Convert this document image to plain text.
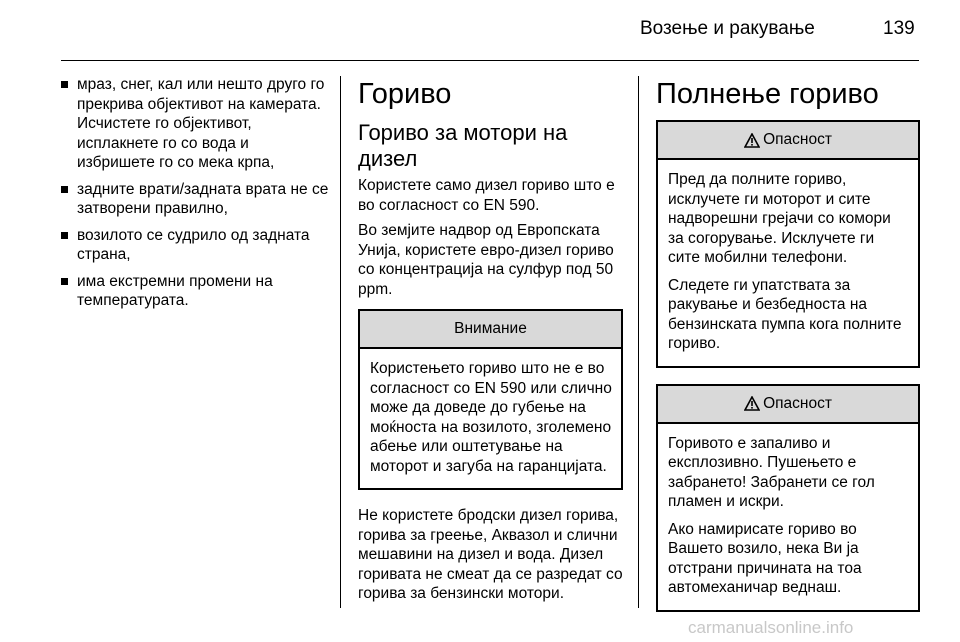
Возење и ракување	139
мраз, снег, кал или нешто друго го прекрива објективот на камерата. Исчистете го објективот, исплакнете го со вода и избришете го со мека крпа,
задните врати/задната врата не се затворени правилно,
возилото се судрило од задната страна,
има екстремни промени на температурата.
Гориво
Гориво за мотори на дизел

Користете само дизел гориво што е во согласност со EN 590.

Во земјите надвор од Европската Унија, користете евро-дизел гориво со концентрација на сулфур под 50 ppm.

Внимание

Користењето гориво што не е во согласност со EN 590 или слично може да доведе до губење на моќноста на возилото, зголемено абење или оштетување на моторот и загуба на гаранцијата.

Не користете бродски дизел горива, горива за греење, Аквазол и слични мешавини на дизел и вода. Дизел горивата не смеат да се разредат со горива за бензински мотори.

Полнење гориво
Опасност

Пред да полните гориво, исклучете ги моторот и сите надворешни грејачи со комори за согорување. Исклучете ги сите мобилни телефони.

Следете ги упатствата за ракување и безбедноста на бензинската пумпа кога полните гориво.

Опасност

Горивото е запаливо и експлозивно. Пушењето е забрането! Забранети се гол пламен и искри.

Ако намирисате гориво во Вашето возило, нека Ви ја отстрани причината на тоа автомеханичар веднаш.

carmanualsonline.info
